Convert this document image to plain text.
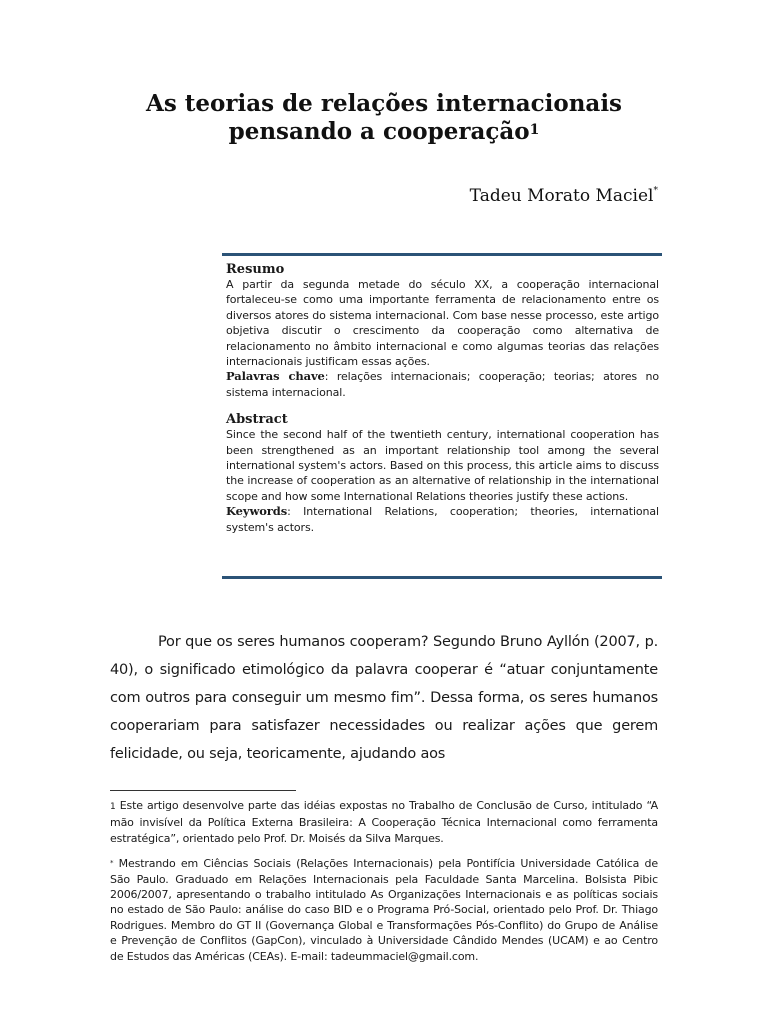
As teorias de relações internacionais
pensando a cooperação$^1$
Tadeu Morato Maciel*

Resumo

A partir da segunda metade do século XX, a cooperação internacional fortaleceu-se como uma importante ferramenta de relacionamento entre os diversos atores do sistema internacional. Com base nesse processo, este artigo objetiva discutir o crescimento da cooperação como alternativa de relacionamento no âmbito internacional e como algumas teorias das relações internacionais justificam essas ações.

Palavras chave: relações internacionais; cooperação; teorias; atores no sistema internacional.

Abstract

Since the second half of the twentieth century, international cooperation has been strengthened as an important relationship tool among the several international system's actors. Based on this process, this article aims to discuss the increase of cooperation as an alternative of relationship in the international scope and how some International Relations theories justify these actions.

Keywords: International Relations, cooperation; theories, international system's actors.

Por que os seres humanos cooperam? Segundo Bruno Ayllón (2007, p. 40), o significado etimológico da palavra cooperar é “atuar conjuntamente com outros para conseguir um mesmo fim”. Dessa forma, os seres humanos cooperariam para satisfazer necessidades ou realizar ações que gerem felicidade, ou seja, teoricamente, ajudando aos

1 Este artigo desenvolve parte das idéias expostas no Trabalho de Conclusão de Curso, intitulado “A mão invisível da Política Externa Brasileira: A Cooperação Técnica Internacional como ferramenta estratégica”, orientado pelo Prof. Dr. Moisés da Silva Marques.

* Mestrando em Ciências Sociais (Relações Internacionais) pela Pontifícia Universidade Católica de São Paulo. Graduado em Relações Internacionais pela Faculdade Santa Marcelina. Bolsista Pibic 2006/2007, apresentando o trabalho intitulado As Organizações Internacionais e as políticas sociais no estado de São Paulo: análise do caso BID e o Programa Pró-Social, orientado pelo Prof. Dr. Thiago Rodrigues. Membro do GT II (Governança Global e Transformações Pós-Conflito) do Grupo de Análise e Prevenção de Conflitos (GapCon), vinculado à Universidade Cândido Mendes (UCAM) e ao Centro de Estudos das Américas (CEAs). E-mail: tadeummaciel@gmail.com.
